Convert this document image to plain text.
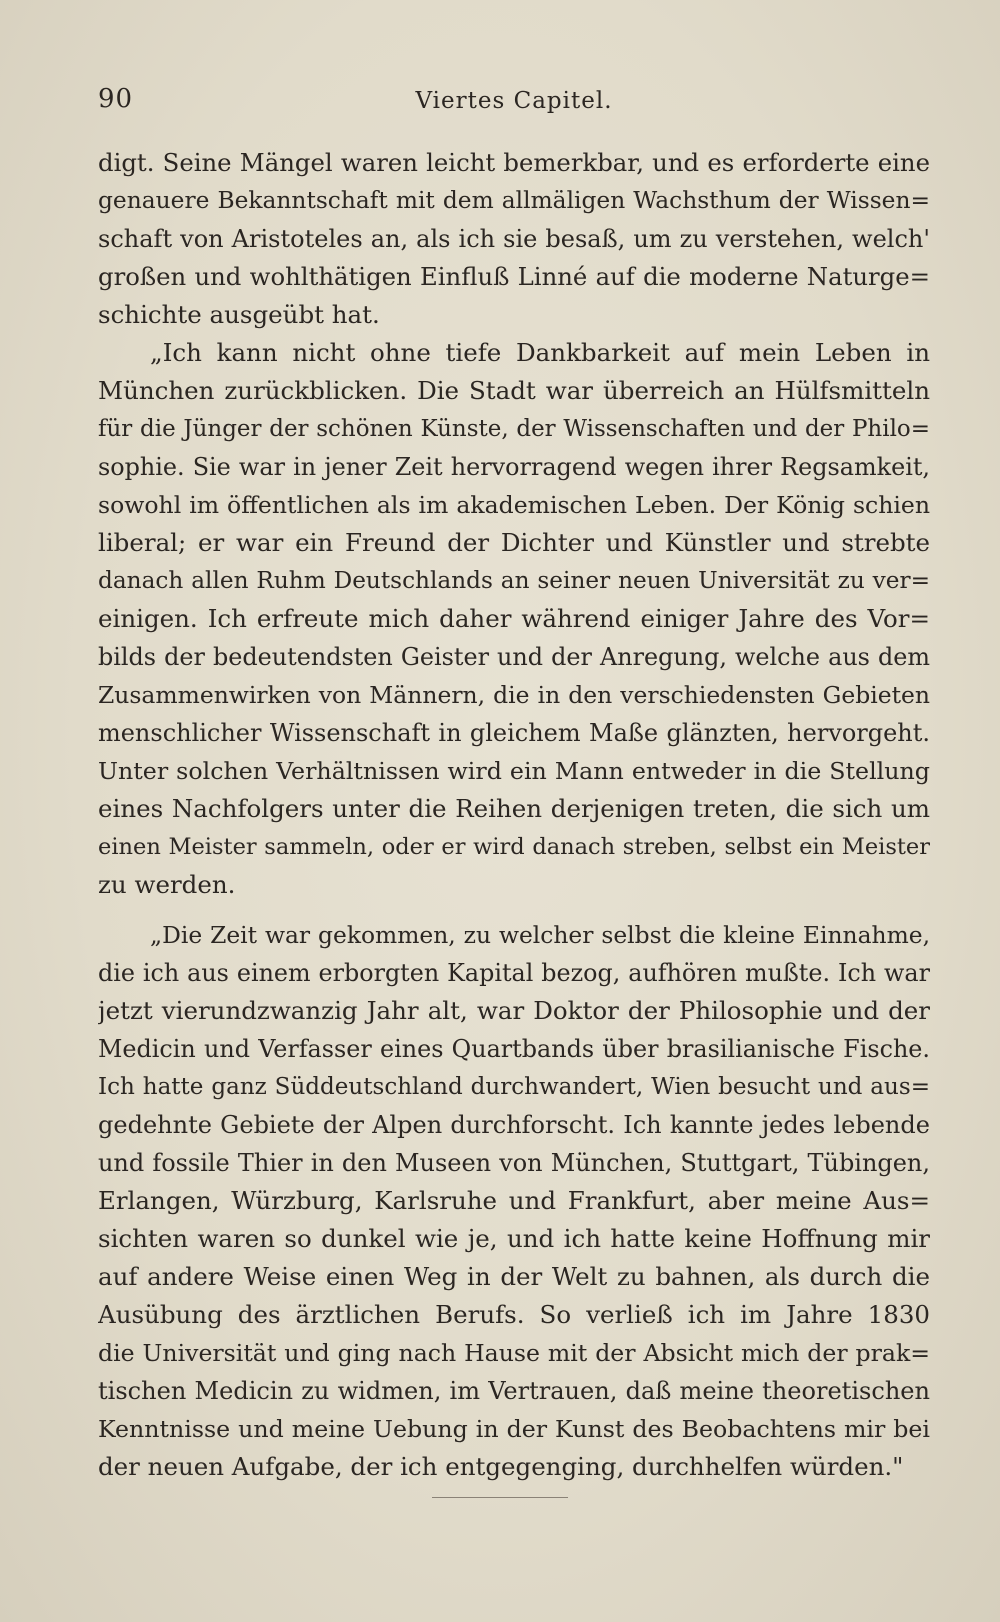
90	Viertes Capitel.
digt. Seine Mängel waren leicht bemerkbar, und es erforderte eine
genauere Bekanntschaft mit dem allmäligen Wachsthum der Wissen=
schaft von Aristoteles an, als ich sie besaß, um zu verstehen, welch'
großen und wohlthätigen Einfluß Linné auf die moderne Naturge=
schichte ausgeübt hat.
„Ich kann nicht ohne tiefe Dankbarkeit auf mein Leben in
München zurückblicken. Die Stadt war überreich an Hülfsmitteln
für die Jünger der schönen Künste, der Wissenschaften und der Philo=
sophie. Sie war in jener Zeit hervorragend wegen ihrer Regsamkeit,
sowohl im öffentlichen als im akademischen Leben. Der König schien
liberal; er war ein Freund der Dichter und Künstler und strebte
danach allen Ruhm Deutschlands an seiner neuen Universität zu ver=
einigen. Ich erfreute mich daher während einiger Jahre des Vor=
bilds der bedeutendsten Geister und der Anregung, welche aus dem
Zusammenwirken von Männern, die in den verschiedensten Gebieten
menschlicher Wissenschaft in gleichem Maße glänzten, hervorgeht.
Unter solchen Verhältnissen wird ein Mann entweder in die Stellung
eines Nachfolgers unter die Reihen derjenigen treten, die sich um
einen Meister sammeln, oder er wird danach streben, selbst ein Meister
zu werden.
„Die Zeit war gekommen, zu welcher selbst die kleine Einnahme,
die ich aus einem erborgten Kapital bezog, aufhören mußte. Ich war
jetzt vierundzwanzig Jahr alt, war Doktor der Philosophie und der
Medicin und Verfasser eines Quartbands über brasilianische Fische.
Ich hatte ganz Süddeutschland durchwandert, Wien besucht und aus=
gedehnte Gebiete der Alpen durchforscht. Ich kannte jedes lebende
und fossile Thier in den Museen von München, Stuttgart, Tübingen,
Erlangen, Würzburg, Karlsruhe und Frankfurt, aber meine Aus=
sichten waren so dunkel wie je, und ich hatte keine Hoffnung mir
auf andere Weise einen Weg in der Welt zu bahnen, als durch die
Ausübung des ärztlichen Berufs. So verließ ich im Jahre 1830
die Universität und ging nach Hause mit der Absicht mich der prak=
tischen Medicin zu widmen, im Vertrauen, daß meine theoretischen
Kenntnisse und meine Uebung in der Kunst des Beobachtens mir bei
der neuen Aufgabe, der ich entgegenging, durchhelfen würden."
